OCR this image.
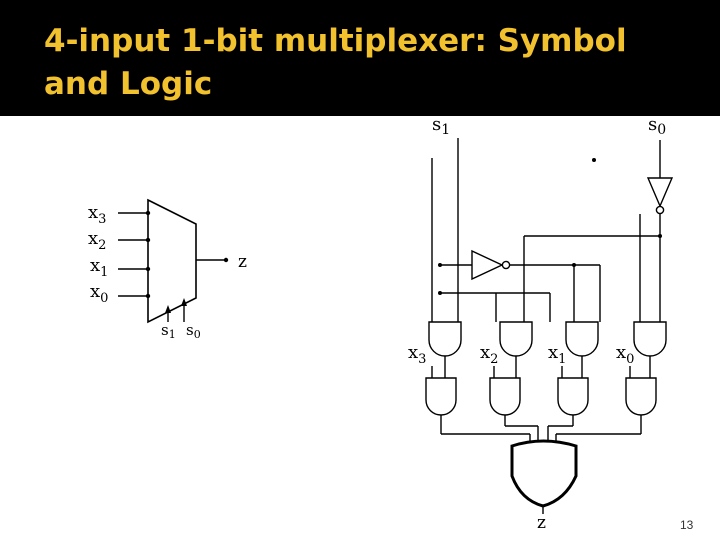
4-input 1-bit multiplexer: Symbol and Logic
$x_3$
$x_2$
$x_1$
$x_0$
z
$s_1$ $s_0$
$s_1$	$s_0$
$x_3$	$x_2$	$x_1$	$x_0$
z	13
